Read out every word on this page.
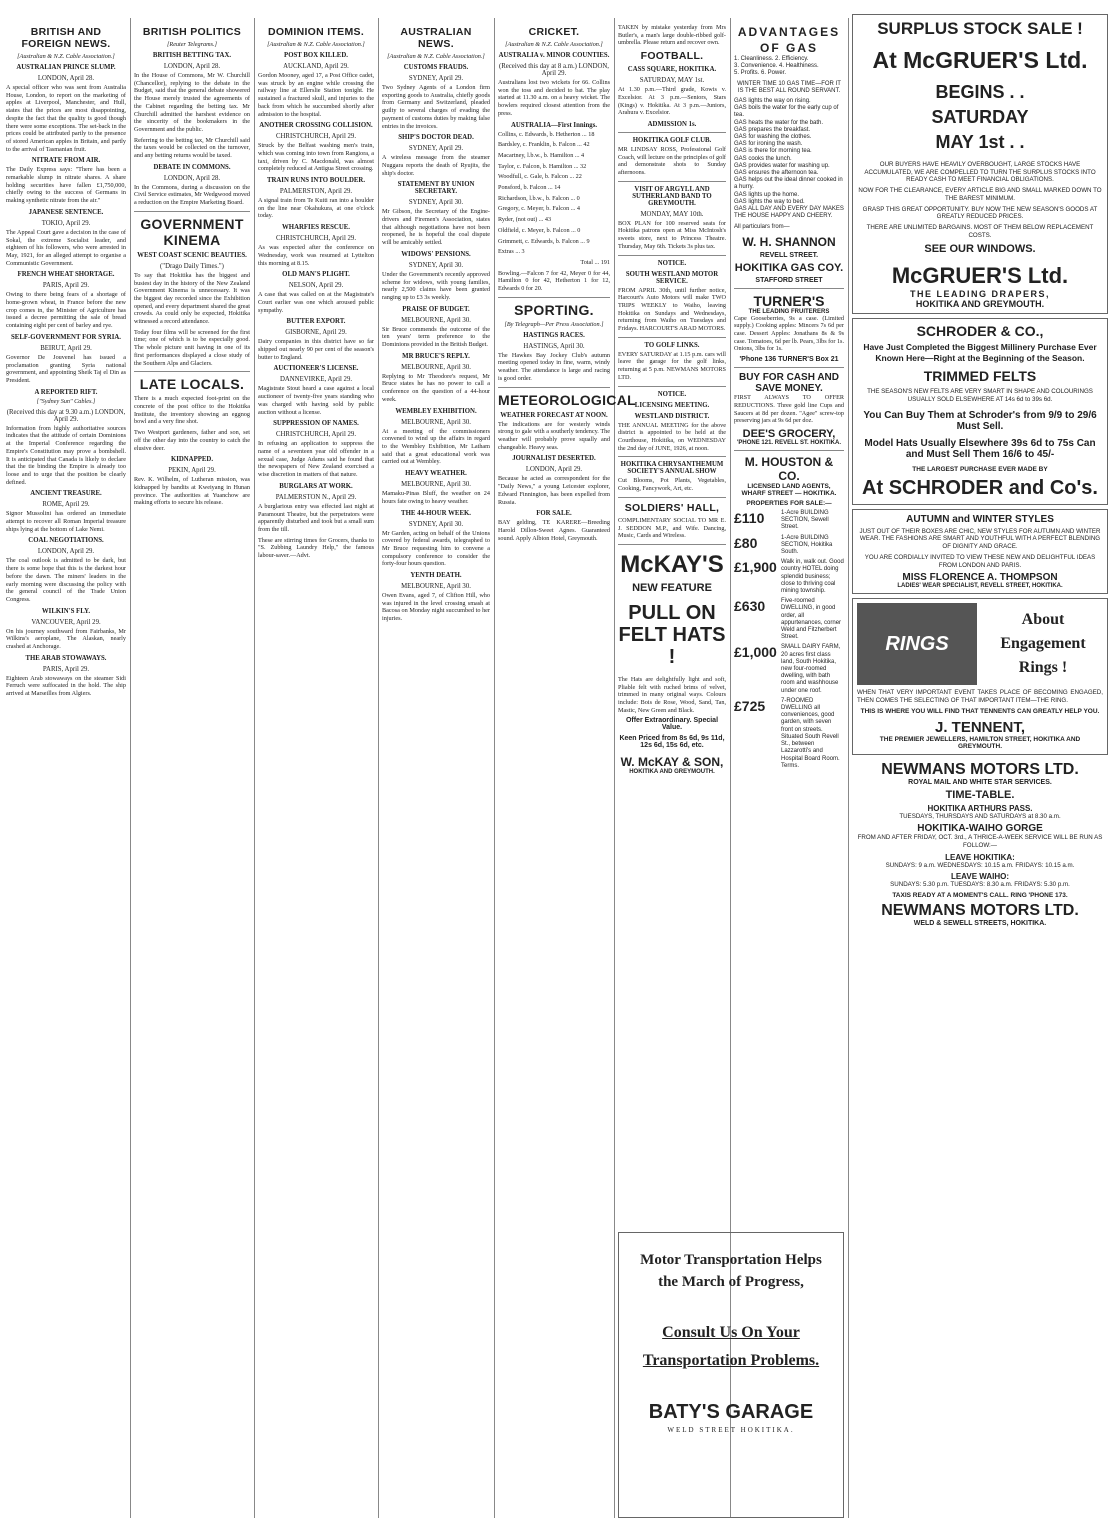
BRITISH AND FOREIGN NEWS.
[Australian & N.Z. Cable Association.]
AUSTRALIAN PRINCE SLUMP.
LONDON, April 28.

A special officer who was sent from Australia House, London, to report on the marketing of apples at Liverpool, Manchester, and Hull, states that the prices are most disappointing, despite the fact that the quality is good though there were some exceptions. The set-back in the prices could be attributed partly to the presence of stored American apples in Britain, and partly to the arrival of Tasmanian fruit.

NITRATE FROM AIR.

The Daily Express says: "There has been a remarkable slump in nitrate shares. A share holding securities have fallen £1,750,000, chiefly owing to the success of Germans in making synthetic nitrate from the air."

JAPANESE SENTENCE.
TOKIO, April 29.

The Appeal Court gave a decision in the case of Sokal, the extreme Socialist leader, and eighteen of his followers, who were arrested in May, 1921, for an alleged attempt to organise a Communistic Government.

FRENCH WHEAT SHORTAGE.
PARIS, April 29.

Owing to there being fears of a shortage of home-grown wheat, in France before the new crop comes in, the Minister of Agriculture has issued a decree permitting the sale of bread containing eight per cent of barley and rye.

SELF-GOVERNMENT FOR SYRIA.
BEIRUT, April 29.

Governor De Jouvenel has issued a proclamation granting Syria national government, and appointing Sheik Taj el Din as President.

A REPORTED RIFT.
["Sydney Sun" Cables.]
(Received this day at 9.30 a.m.) LONDON, April 29.

Information from highly authoritative sources indicates that the attitude of certain Dominions at the Imperial Conference regarding the Empire's Constitution may prove a bombshell. It is anticipated that Canada is likely to declare that the tie binding the Empire is already too loose and to urge that the position be clearly defined.

ANCIENT TREASURE.
ROME, April 29.

Signor Mussolini has ordered an immediate attempt to recover all Roman Imperial treasure ships lying at the bottom of Lake Nemi.

COAL NEGOTIATIONS.
LONDON, April 29.

The coal outlook is admitted to be dark, but there is some hope that this is the darkest hour before the dawn. The miners' leaders in the early morning were discussing the policy with the general council of the Trade Union Congress.

WILKIN'S FLY.
VANCOUVER, April 29.

On his journey southward from Fairbanks, Mr Wilkins's aeroplane, The Alaskan, nearly crashed at Anchorage.

THE ARAB STOWAWAYS.
PARIS, April 29.

Eighteen Arab stowaways on the steamer Sidi Ferruch were suffocated in the hold. The ship arrived at Marseilles from Algiers.

BRITISH POLITICS
[Reuter Telegrams.]
BRITISH BETTING TAX.
LONDON, April 28.

In the House of Commons, Mr W. Churchill (Chancellor), replying to the debate in the Budget, said that the general debate showered the House merely trusted the agreements of the Cabinet regarding the betting tax. Mr Churchill admitted the harshest evidence on the sincerity of the bookmakers in the Government and the public.

Referring to the betting tax, Mr Churchill said the taxes would be collected on the turnover, and any betting returns would be taxed.

DEBATE IN COMMONS.
LONDON, April 28.

In the Commons, during a discussion on the Civil Service estimates, Mr Wedgwood moved a reduction on the Empire Marketing Board.

GOVERNMENT KINEMA
WEST COAST SCENIC BEAUTIES.
("Drago Daily Times.")

To say that Hokitika has the biggest and busiest day in the history of the New Zealand Government Kinema is unnecessary. It was the biggest day recorded since the Exhibition opened, and every department shared the great crowds. As could only be expected, Hokitika witnessed a record attendance.

Today four films will be screened for the first time; one of which is to be especially good. The whole picture unit having in one of its first performances displayed a close study of the Southern Alps and Glaciers.

LATE LOCALS.

There is a much expected foot-print on the concrete of the post office to the Hokitika Institute, the inventory showing an eggnog bowl and a very fine shot.

Two Westport gardeners, father and son, set off the other day into the country to catch the elusive deer.

KIDNAPPED.
PEKIN, April 29.

Rev. K. Wilhelm, of Lutheran mission, was kidnapped by bandits at Kweiyang in Hunan province. The authorities at Yuanchow are making efforts to secure his release.

DOMINION ITEMS.
[Australian & N.Z. Cable Association.]
POST BOX KILLED.
AUCKLAND, April 29.

Gordon Mooney, aged 17, a Post Office cadet, was struck by an engine while crossing the railway line at Ellerslie Station tonight. He sustained a fractured skull, and injuries to the back from which he succumbed shortly after admission to the hospital.

ANOTHER CROSSING COLLISION.
CHRISTCHURCH, April 29.

Struck by the Belfast washing men's train, which was coming into town from Rangiora, a taxi, driven by C. Macdonald, was almost completely reduced at Antigua Street crossing.

TRAIN RUNS INTO BOULDER.
PALMERSTON, April 29.

A signal train from Te Kuiti ran into a boulder on the line near Okahukura, at one o'clock today.

WHARFIES RESCUE.
CHRISTCHURCH, April 29.

As was expected after the conference on Wednesday, work was resumed at Lyttelton this morning at 8.15.

OLD MAN'S PLIGHT.
NELSON, April 29.

A case that was called on at the Magistrate's Court earlier was one which aroused public sympathy.

BUTTER EXPORT.
GISBORNE, April 29.

Dairy companies in this district have so far shipped out nearly 90 per cent of the season's butter to England.

AUCTIONEER'S LICENSE.
DANNEVIRKE, April 29.

Magistrate Stout heard a case against a local auctioneer of twenty-five years standing who was charged with having sold by public auction without a license.

SUPPRESSION OF NAMES.
CHRISTCHURCH, April 29.

In refusing an application to suppress the name of a seventeen year old offender in a sexual case, Judge Adams said he found that the newspapers of New Zealand exercised a wise discretion in matters of that nature.

BURGLARS AT WORK.
PALMERSTON N., April 29.

A burglarious entry was effected last night at Paramount Theatre, but the perpetrators were apparently disturbed and took but a small sum from the till.

These are stirring times for Grocers, thanks to "S. Zubbing Laundry Help," the famous labour-saver.—Advt.

AUSTRALIAN NEWS.
[Australian & N.Z. Cable Association.]
CUSTOMS FRAUDS.
SYDNEY, April 29.

Two Sydney Agents of a London firm exporting goods to Australia, chiefly goods from Germany and Switzerland, pleaded guilty to several charges of evading the payment of customs duties by making false entries in the invoices.

SHIP'S DOCTOR DEAD.
SYDNEY, April 29.

A wireless message from the steamer Nuggara reports the death of Ryujits, the ship's doctor.

STATEMENT BY UNION SECRETARY.
SYDNEY, April 30.

Mr Gibson, the Secretary of the Engine-drivers and Firemen's Association, states that although negotiations have not been reopened, he is hopeful the coal dispute will be amicably settled.

WIDOWS' PENSIONS.
SYDNEY, April 30.

Under the Government's recently approved scheme for widows, with young families, nearly 2,500 claims have been granted ranging up to £3 3s weekly.

PRAISE OF BUDGET.
MELBOURNE, April 30.

Sir Bruce commends the outcome of the ten years' term preference to the Dominions provided in the British Budget.

MR BRUCE'S REPLY.
MELBOURNE, April 30.

Replying to Mr Theodore's request, Mr Bruce states he has no power to call a conference on the question of a 44-hour week.

WEMBLEY EXHIBITION.
MELBOURNE, April 30.

At a meeting of the commissioners convened to wind up the affairs in regard to the Wembley Exhibition, Mr Latham said that a great educational work was carried out at Wembley.

HEAVY WEATHER.
MELBOURNE, April 30.

Mamaku-Pinas Bluff, the weather on 24 hours fate owing to heavy weather.

THE 44-HOUR WEEK.
SYDNEY, April 30.

Mr Garden, acting on behalf of the Unions covered by federal awards, telegraphed to Mr Bruce requesting him to convene a compulsory conference to consider the forty-four hours question.

YENTH DEATH.
MELBOURNE, April 30.

Owen Evans, aged 7, of Clifton Hill, who was injured in the level crossing smash at Bacosa on Monday night succumbed to her injuries.

CRICKET.
[Australian & N.Z. Cable Association.]
AUSTRALIA v. MINOR COUNTIES.
(Received this day at 8 a.m.) LONDON, April 29.

Australians lost two wickets for 66. Collins won the toss and decided to bat. The play started at 11.30 a.m. on a heavy wicket. The bowlers required closest attention from the press.

AUSTRALIA—First Innings.
Collins, c. Edwards, b. Hetherton ... 18
Bardsley, c. Franklin, b. Falcon ... 42
Macartney, l.b.w., b. Hamilton ... 4
Taylor, c. Falcon, b. Hamilton ... 32
Woodfull, c. Gale, b. Falcon ... 22
Ponsford, b. Falcon ... 14
Richardson, l.b.w., b. Falcon ... 0
Gregory, c. Meyer, b. Falcon ... 4
Ryder, (not out) ... 43
Oldfield, c. Meyer, b. Falcon ... 0
Grimmett, c. Edwards, b. Falcon ... 9
Extras ... 3
Total ... 191

Bowling.—Falcon 7 for 42, Meyer 0 for 44, Hamilton 0 for 42, Hetherton 1 for 12, Edwards 0 for 20.

SPORTING.
[By Telegraph—Per Press Association.]
HASTINGS RACES.
HASTINGS, April 30.

The Hawkes Bay Jockey Club's autumn meeting opened today in fine, warm, windy weather. The attendance is large and racing is good order.

METEOROLOGICAL
WEATHER FORECAST AT NOON.

The indications are for westerly winds strong to gale with a southerly tendency. The weather will probably prove squally and changeable. Heavy seas.

JOURNALIST DESERTED.
LONDON, April 29.

Because he acted as correspondent for the "Daily News," a young Leicester explorer, Edward Finnington, has been expelled from Russia.

FOR SALE.

BAY gelding, TE KARERE—Breeding Harold Dillon-Sweet Agnes. Guaranteed sound. Apply Albion Hotel, Greymouth.

TAKEN by mistake yesterday from Mrs Butler's, a man's large double-ribbed golf-umbrella. Please return and recover own.

FOOTBALL.
CASS SQUARE, HOKITIKA.
SATURDAY, MAY 1st.

At 1.30 p.m.—Third grade, Kowis v. Excelsior. At 3 p.m.—Seniors, Stars (Kings) v. Hokitika. At 3 p.m.—Juniors, Arahura v. Excelsior.

ADMISSION 1s.
HOKITIKA GOLF CLUB.

MR LINDSAY ROSS, Professional Golf Coach, will lecture on the principles of golf and demonstrate shots to Sunday afternoons.

VISIT OF ARGYLL AND SUTHERLAND BAND TO GREYMOUTH.
MONDAY, MAY 10th.

BOX PLAN for 100 reserved seats for Hokitika patrons open at Miss McIntosh's sweets store, next to Princess Theatre. Thursday, May 6th. Tickets 3s plus tax.

NOTICE.
SOUTH WESTLAND MOTOR SERVICE.

FROM APRIL 30th, until further notice, Harcourt's Auto Motors will make TWO TRIPS WEEKLY to Waiho, leaving Hokitika on Sundays and Wednesdays, returning from Waiho on Tuesdays and Fridays. HARCOURT'S ARAD MOTORS.

TO GOLF LINKS.

EVERY SATURDAY at 1.15 p.m. cars will leave the garage for the golf links, returning at 5 p.m. NEWMANS MOTORS LTD.

NOTICE.
LICENSING MEETING.
WESTLAND DISTRICT.

THE ANNUAL MEETING for the above district is appointed to be held at the Courthouse, Hokitika, on WEDNESDAY the 2nd day of JUNE, 1926, at noon.

HOKITIKA CHRYSANTHEMUM SOCIETY'S ANNUAL SHOW

Cut Blooms, Pot Plants, Vegetables, Cooking, Fancywork, Art, etc.

SOLDIERS' HALL,

COMPLIMENTARY SOCIAL TO MR E. J. SEDDON M.P., and Wife. Dancing, Music, Cards and Wireless.

McKAY'S
NEW FEATURE
PULL ON FELT HATS !

The Hats are delightfully light and soft, Pliable felt with ruched brims of velvet, trimmed in many original ways. Colours include: Bois de Rose, Wood, Sand, Tan, Mastic, New Green and Black.

Offer Extraordinary. Special Value.
Keen Priced from 8s 6d, 9s 11d, 12s 6d, 15s 6d, etc.
W. McKAY & SON,
HOKITIKA AND GREYMOUTH.
ADVANTAGES OF GAS
1. Cleanliness. 2. Efficiency.
3. Convenience. 4. Healthiness.
5. Profits. 6. Power.
WINTER TIME 10 GAS TIME—FOR IT IS THE BEST ALL ROUND SERVANT.
GAS lights the way on rising.
GAS boils the water for the early cup of tea.
GAS heats the water for the bath.
GAS prepares the breakfast.
GAS for washing the clothes.
GAS for ironing the wash.
GAS is there for morning tea.
GAS cooks the lunch.
GAS provides water for washing up.
GAS ensures the afternoon tea.
GAS helps out the ideal dinner cooked in a hurry.
GAS lights up the home.
GAS lights the way to bed.
GAS ALL DAY AND EVERY DAY MAKES THE HOUSE HAPPY AND CHEERY.
All particulars from—
W. H. SHANNON
REVELL STREET.
HOKITIKA GAS COY.
STAFFORD STREET
TURNER'S
THE LEADING FRUITERERS

Cape Gooseberries, 9s a case. (Limited supply.) Cooking apples: Mincers 7s 6d per case. Dessert Apples: Jonathans 8s & 9s case. Tomatoes, 6d per lb. Pears, 3lbs for 1s. Onions, 3lbs for 1s.

'Phone 136 TURNER'S Box 21
BUY FOR CASH AND SAVE MONEY.

FIRST ALWAYS TO OFFER REDUCTIONS. Three gold line Cups and Saucers at 8d per dozen. "Agee" screw-top preserving jars at 9s 6d per doz.

DEE'S GROCERY,
'PHONE 121. REVELL ST. HOKITIKA.
M. HOUSTON & CO.
LICENSED LAND AGENTS,
WHARF STREET — HOKITIKA.
PROPERTIES FOR SALE:—
£110	1-Acre BUILDING SECTION, Sewell Street.
£80	1-Acre BUILDING SECTION, Hokitika South.
£1,900 Walk in, walk out. Good country HOTEL doing splendid business; close to thriving coal mining township.
£630	Five-roomed DWELLING, in good order, all appurtenances, corner Weld and Fitzherbert Street.
£1,000 SMALL DAIRY FARM, 20 acres first class land, South Hokitika, new four-roomed dwelling, with bath room and washhouse under one roof.
£725	7-ROOMED DWELLING all conveniences, good garden, with seven front on streets. Situated South Revell St., between Lazzarotti's and Hospital Board Room. Terms.
Motor Transportation Helps the March of Progress,
Consult Us On Your Transportation Problems.
BATY'S GARAGE
WELD STREET HOKITIKA.
SURPLUS STOCK SALE !
At McGRUER'S Ltd.
BEGINS . .
SATURDAY
MAY 1st . .

OUR BUYERS HAVE HEAVILY OVERBOUGHT, LARGE STOCKS HAVE ACCUMULATED, WE ARE COMPELLED TO TURN THE SURPLUS STOCKS INTO READY CASH TO MEET FINANCIAL OBLIGATIONS.

NOW FOR THE CLEARANCE, EVERY ARTICLE BIG AND SMALL MARKED DOWN TO THE BAREST MINIMUM.

GRASP THIS GREAT OPPORTUNITY. BUY NOW THE NEW SEASON'S GOODS AT GREATLY REDUCED PRICES.

THERE ARE UNLIMITED BARGAINS. MOST OF THEM BELOW REPLACEMENT COSTS.

SEE OUR WINDOWS.
McGRUER'S Ltd.
THE LEADING DRAPERS,
HOKITIKA AND GREYMOUTH.
SCHRODER & CO.,
Have Just Completed the Biggest Millinery Purchase Ever Known Here—Right at the Beginning of the Season.
TRIMMED FELTS

THE SEASON'S NEW FELTS ARE VERY SMART IN SHAPE AND COLOURINGS USUALLY SOLD ELSEWHERE AT 14s 6d to 39s 6d.

You Can Buy Them at Schroder's from 9/9 to 29/6 Must Sell.
Model Hats Usually Elsewhere 39s 6d to 75s Can and Must Sell Them 16/6 to 45/-
THE LARGEST PURCHASE EVER MADE BY
At SCHRODER and Co's.
AUTUMN and WINTER STYLES

JUST OUT OF THEIR BOXES ARE CHIC, NEW STYLES FOR AUTUMN AND WINTER WEAR. THE FASHIONS ARE SMART AND YOUTHFUL WITH A PERFECT BLENDING OF DIGNITY AND GRACE.

YOU ARE CORDIALLY INVITED TO VIEW THESE NEW AND DELIGHTFUL IDEAS FROM LONDON AND PARIS.

MISS FLORENCE A. THOMPSON
LADIES' WEAR SPECIALIST, REVELL STREET, HOKITIKA.
RINGS
About Engagement Rings !

WHEN THAT VERY IMPORTANT EVENT TAKES PLACE OF BECOMING ENGAGED, THEN COMES THE SELECTING OF THAT IMPORTANT ITEM—THE RING.

THIS IS WHERE YOU WILL FIND THAT TENNENTS CAN GREATLY HELP YOU.
J. TENNENT,
THE PREMIER JEWELLERS, HAMILTON STREET, HOKITIKA AND GREYMOUTH.
NEWMANS MOTORS LTD.
ROYAL MAIL AND WHITE STAR SERVICES.
TIME-TABLE.
HOKITIKA ARTHURS PASS.
TUESDAYS, THURSDAYS AND SATURDAYS at 8.30 a.m.
HOKITIKA-WAIHO GORGE
FROM AND AFTER FRIDAY, OCT. 3rd., A THRICE-A-WEEK SERVICE WILL BE RUN AS FOLLOW:—
LEAVE HOKITIKA:
SUNDAYS: 9 a.m. WEDNESDAYS: 10.15 a.m. FRIDAYS: 10.15 a.m.
LEAVE WAIHO:
SUNDAYS: 5.30 p.m. TUESDAYS: 8.30 a.m. FRIDAYS: 5.30 p.m.
TAXIS READY AT A MOMENT'S CALL. RING 'PHONE 173.
NEWMANS MOTORS LTD.
WELD & SEWELL STREETS, HOKITIKA.
